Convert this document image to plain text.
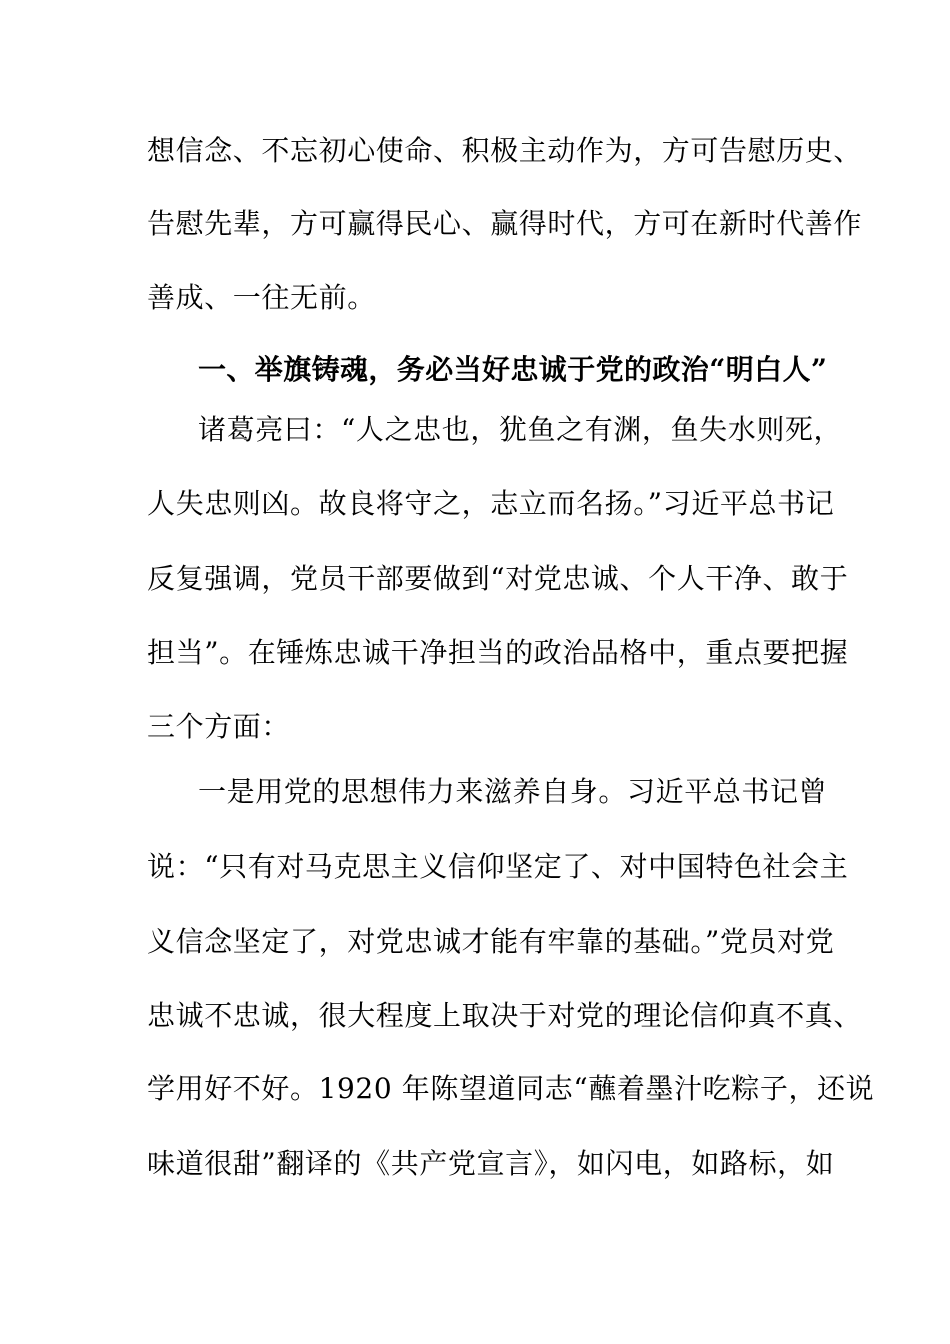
想信念、不忘初心使命、积极主动作为，方可告慰历史、
告慰先辈，方可赢得民心、赢得时代，方可在新时代善作
善成、一往无前。
一、举旗铸魂，务必当好忠诚于党的政治“明白人”
诸葛亮曰：“人之忠也，犹鱼之有渊，鱼失水则死，
人失忠则凶。故良将守之，志立而名扬。”习近平总书记
反复强调，党员干部要做到“对党忠诚、个人干净、敢于
担当”。在锤炼忠诚干净担当的政治品格中，重点要把握
三个方面：
一是用党的思想伟力来滋养自身。习近平总书记曾
说：“只有对马克思主义信仰坚定了、对中国特色社会主
义信念坚定了，对党忠诚才能有牢靠的基础。”党员对党
忠诚不忠诚，很大程度上取决于对党的理论信仰真不真、
学用好不好。1920 年陈望道同志“蘸着墨汁吃粽子，还说
味道很甜”翻译的《共产党宣言》，如闪电，如路标，如
